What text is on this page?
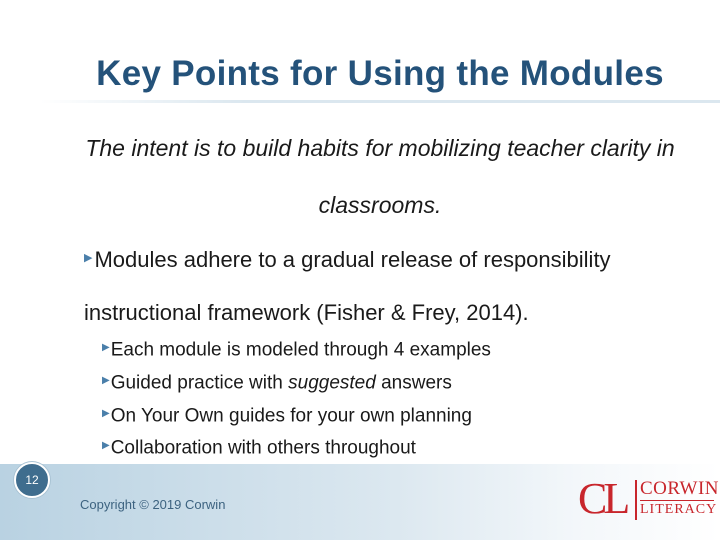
Key Points for Using the Modules
The intent is to build habits for mobilizing teacher clarity in classrooms.
▶Modules adhere to a gradual release of responsibility instructional framework (Fisher & Frey, 2014).
▶Each module is modeled through 4 examples
▶Guided practice with suggested answers
▶On Your Own guides for your own planning
▶Collaboration with others throughout
12
Copyright © 2019 Corwin	CL CORWIN
LITERACY
